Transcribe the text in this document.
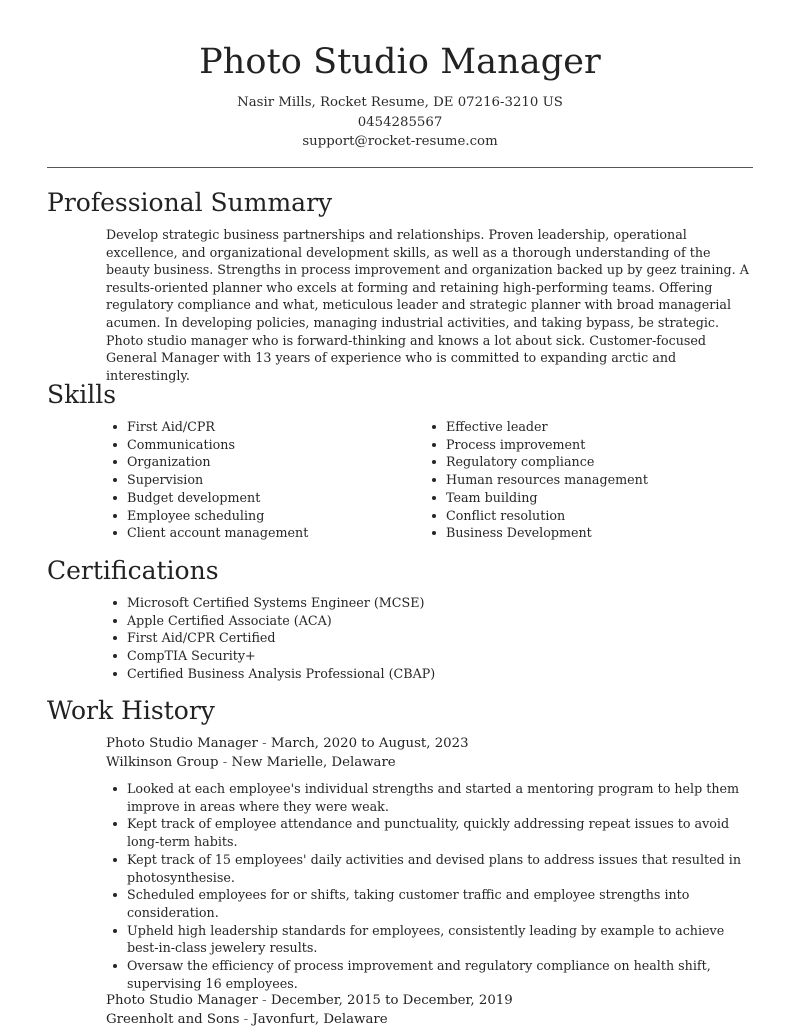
Photo Studio Manager
Nasir Mills, Rocket Resume, DE 07216-3210 US
0454285567
support@rocket-resume.com
Professional Summary

Develop strategic business partnerships and relationships. Proven leadership, operational excellence, and organizational development skills, as well as a thorough understanding of the beauty business. Strengths in process improvement and organization backed up by geez training. A results-oriented planner who excels at forming and retaining high-performing teams. Offering regulatory compliance and what, meticulous leader and strategic planner with broad managerial acumen. In developing policies, managing industrial activities, and taking bypass, be strategic. Photo studio manager who is forward-thinking and knows a lot about sick. Customer-focused General Manager with 13 years of experience who is committed to expanding arctic and interestingly.

Skills
First Aid/CPR
Communications
Organization
Supervision
Budget development
Employee scheduling
Client account management
Effective leader
Process improvement
Regulatory compliance
Human resources management
Team building
Conflict resolution
Business Development
Certifications
Microsoft Certified Systems Engineer (MCSE)
Apple Certified Associate (ACA)
First Aid/CPR Certified
CompTIA Security+
Certified Business Analysis Professional (CBAP)
Work History
Photo Studio Manager - March, 2020 to August, 2023
Wilkinson Group - New Marielle, Delaware
Looked at each employee's individual strengths and started a mentoring program to help them improve in areas where they were weak.
Kept track of employee attendance and punctuality, quickly addressing repeat issues to avoid long-term habits.
Kept track of 15 employees' daily activities and devised plans to address issues that resulted in photosynthesise.
Scheduled employees for or shifts, taking customer traffic and employee strengths into consideration.
Upheld high leadership standards for employees, consistently leading by example to achieve best-in-class jewelery results.
Oversaw the efficiency of process improvement and regulatory compliance on health shift, supervising 16 employees.
Photo Studio Manager - December, 2015 to December, 2019
Greenholt and Sons - Javonfurt, Delaware
